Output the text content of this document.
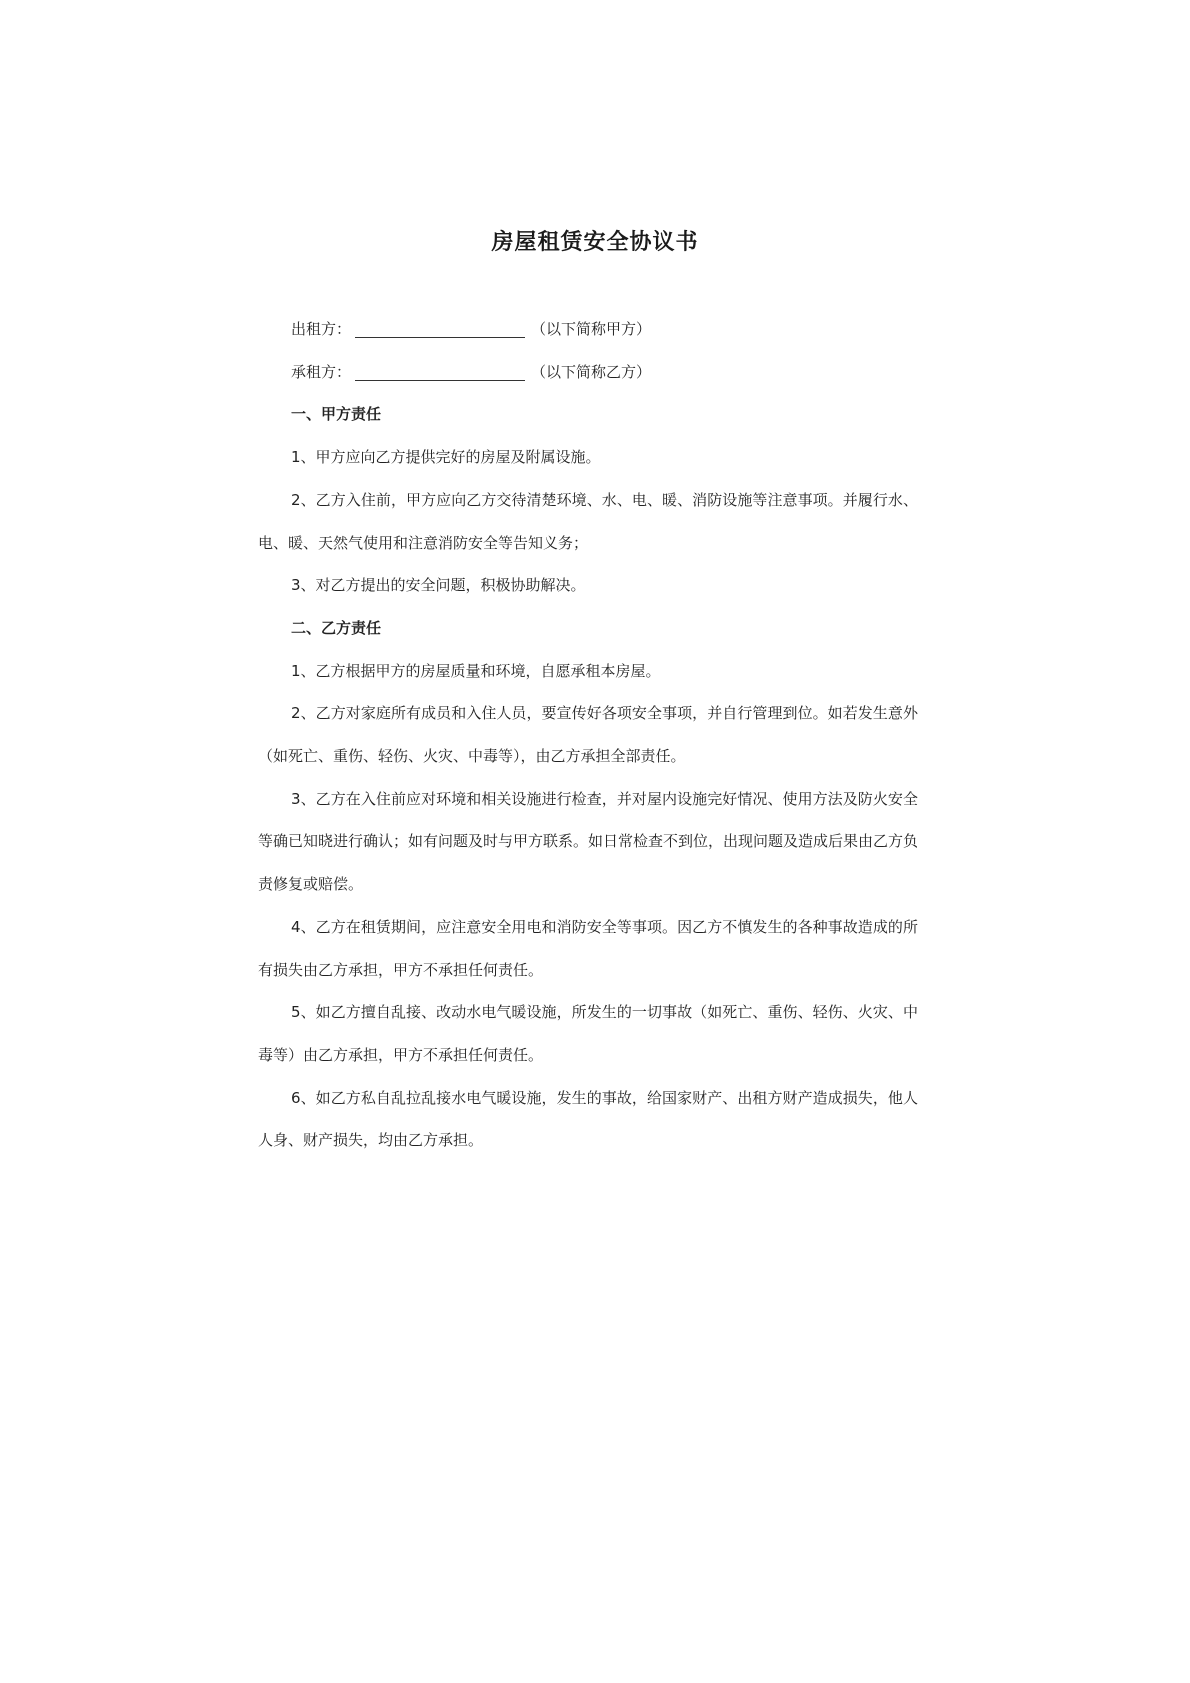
房屋租赁安全协议书

出租方：	（以下简称甲方）

承租方：	（以下简称乙方）

一、甲方责任

1、甲方应向乙方提供完好的房屋及附属设施。

2、乙方入住前，甲方应向乙方交待清楚环境、水、电、暖、消防设施等注意事项。并履行水、电、暖、天然气使用和注意消防安全等告知义务；

3、对乙方提出的安全问题，积极协助解决。

二、乙方责任

1、乙方根据甲方的房屋质量和环境，自愿承租本房屋。

2、乙方对家庭所有成员和入住人员，要宣传好各项安全事项，并自行管理到位。如若发生意外（如死亡、重伤、轻伤、火灾、中毒等），由乙方承担全部责任。

3、乙方在入住前应对环境和相关设施进行检查，并对屋内设施完好情况、使用方法及防火安全等确已知晓进行确认；如有问题及时与甲方联系。如日常检查不到位，出现问题及造成后果由乙方负责修复或赔偿。

4、乙方在租赁期间，应注意安全用电和消防安全等事项。因乙方不慎发生的各种事故造成的所有损失由乙方承担，甲方不承担任何责任。

5、如乙方擅自乱接、改动水电气暖设施，所发生的一切事故（如死亡、重伤、轻伤、火灾、中毒等）由乙方承担，甲方不承担任何责任。

6、如乙方私自乱拉乱接水电气暖设施，发生的事故，给国家财产、出租方财产造成损失，他人人身、财产损失，均由乙方承担。
